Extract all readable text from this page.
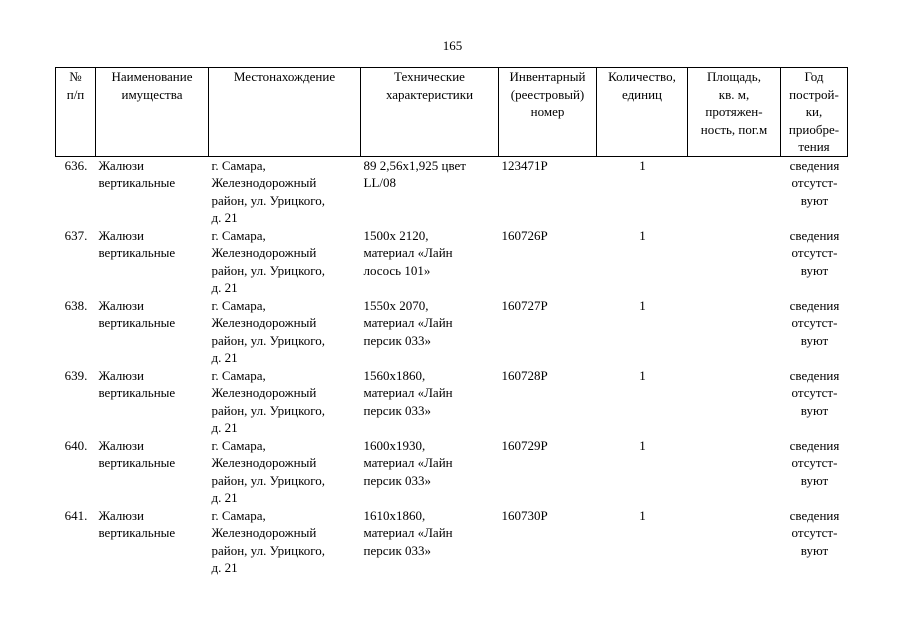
165
№
п/п	Наименование
имущества	Местонахождение	Технические
характеристики	Инвентарный
(реестровый)
номер	Количество,
единиц	Площадь,
кв. м,
протяжен-
ность, пог.м	Год
построй-
ки,
приобре-
тения
636.	Жалюзи
вертикальные	г. Самара,
Железнодорожный
район, ул. Урицкого,
д. 21	89 2,56х1,925 цвет
LL/08	123471Р	1		сведения
отсутст-
вуют
637.	Жалюзи
вертикальные	г. Самара,
Железнодорожный
район, ул. Урицкого,
д. 21	1500х 2120,
материал «Лайн
лосось 101»	160726Р	1		сведения
отсутст-
вуют
638.	Жалюзи
вертикальные	г. Самара,
Железнодорожный
район, ул. Урицкого,
д. 21	1550х 2070,
материал «Лайн
персик 033»	160727Р	1		сведения
отсутст-
вуют
639.	Жалюзи
вертикальные	г. Самара,
Железнодорожный
район, ул. Урицкого,
д. 21	1560х1860,
материал «Лайн
персик 033»	160728Р	1		сведения
отсутст-
вуют
640.	Жалюзи
вертикальные	г. Самара,
Железнодорожный
район, ул. Урицкого,
д. 21	1600х1930,
материал «Лайн
персик 033»	160729Р	1		сведения
отсутст-
вуют
641.	Жалюзи
вертикальные	г. Самара,
Железнодорожный
район, ул. Урицкого,
д. 21	1610х1860,
материал «Лайн
персик 033»	160730Р	1		сведения
отсутст-
вуют
